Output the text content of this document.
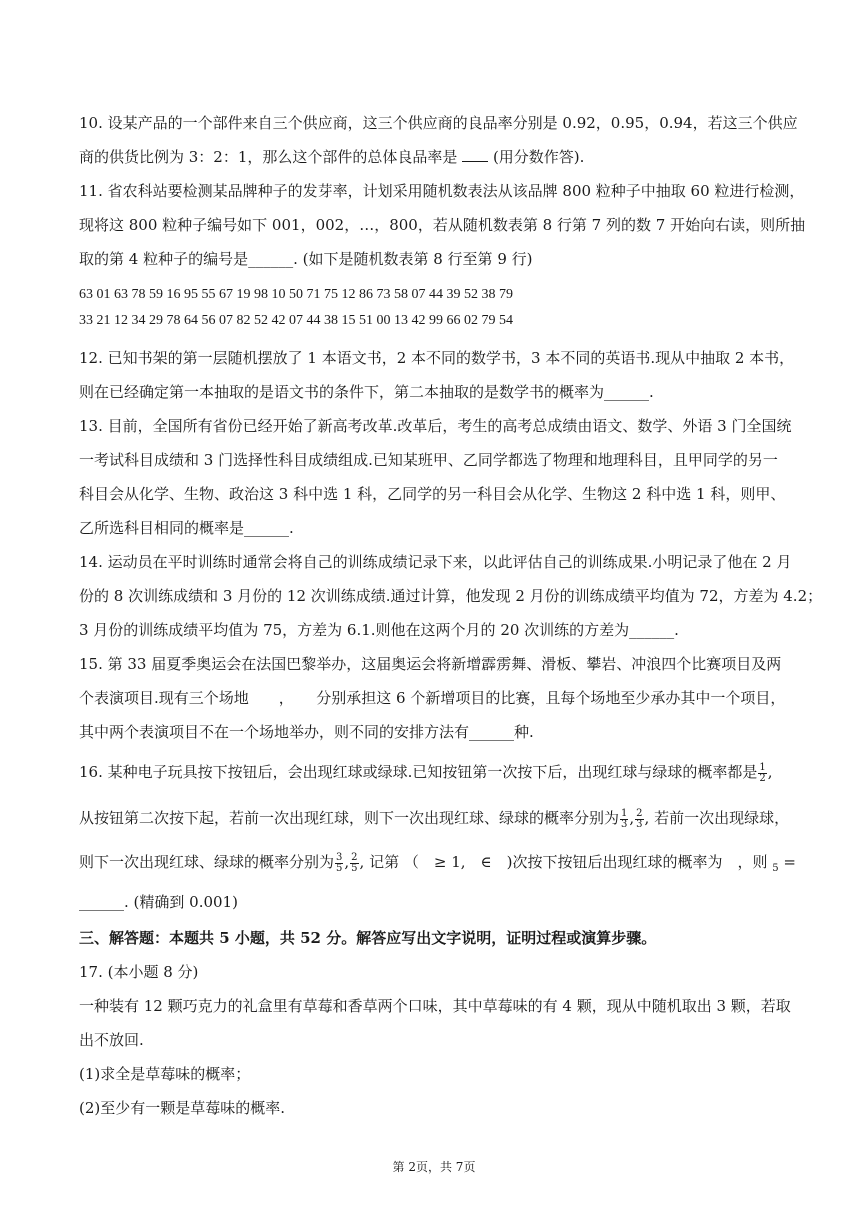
10. 设某产品的一个部件来自三个供应商，这三个供应商的良品率分别是 0.92，0.95，0.94，若这三个供应
商的供货比例为 3：2：1，那么这个部件的总体良品率是  (用分数作答).
11. 省农科站要检测某品牌种子的发芽率，计划采用随机数表法从该品牌 800 粒种子中抽取 60 粒进行检测，
现将这 800 粒种子编号如下 001，002，…，800，若从随机数表第 8 行第 7 列的数 7 开始向右读，则所抽
取的第 4 粒种子的编号是______. (如下是随机数表第 8 行至第 9 行)
63 01 63 78 59 16 95 55 67 19 98 10 50 71 75 12 86 73 58 07 44 39 52 38 79
33 21 12 34 29 78 64 56 07 82 52 42 07 44 38 15 51 00 13 42 99 66 02 79 54
12. 已知书架的第一层随机摆放了 1 本语文书，2 本不同的数学书，3 本不同的英语书.现从中抽取 2 本书，
则在已经确定第一本抽取的是语文书的条件下，第二本抽取的是数学书的概率为______.
13. 目前，全国所有省份已经开始了新高考改革.改革后，考生的高考总成绩由语文、数学、外语 3 门全国统
一考试科目成绩和 3 门选择性科目成绩组成.已知某班甲、乙同学都选了物理和地理科目，且甲同学的另一
科目会从化学、生物、政治这 3 科中选 1 科，乙同学的另一科目会从化学、生物这 2 科中选 1 科，则甲、
乙所选科目相同的概率是______.
14. 运动员在平时训练时通常会将自己的训练成绩记录下来，以此评估自己的训练成果.小明记录了他在 2 月
份的 8 次训练成绩和 3 月份的 12 次训练成绩.通过计算，他发现 2 月份的训练成绩平均值为 72，方差为 4.2；
3 月份的训练成绩平均值为 75，方差为 6.1.则他在这两个月的 20 次训练的方差为______.
15. 第 33 届夏季奥运会在法国巴黎举办，这届奥运会将新增霹雳舞、滑板、攀岩、冲浪四个比赛项目及两
个表演项目.现有三个场地　　，　　分别承担这 6 个新增项目的比赛，且每个场地至少承办其中一个项目，
其中两个表演项目不在一个场地举办，则不同的安排方法有______种.
16. 某种电子玩具按下按钮后，会出现红球或绿球.已知按钮第一次按下后，出现红球与绿球的概率都是 $\frac{1}{2}$ ,
从按钮第二次按下起，若前一次出现红球，则下一次出现红球、绿球的概率分别为 $\frac{1}{3}$ , $\frac{2}{3}$ , 若前一次出现绿球，
则下一次出现红球、绿球的概率分别为 $\frac{3}{5}$ , $\frac{2}{5}$ , 记第 （　≥ 1,　∈　)次按下按钮后出现红球的概率为　，则 $_5$ =
______. (精确到 0.001)
三、解答题：本题共 5 小题，共 52 分。解答应写出文字说明，证明过程或演算步骤。
17. (本小题 8 分)
一种装有 12 颗巧克力的礼盒里有草莓和香草两个口味，其中草莓味的有 4 颗，现从中随机取出 3 颗，若取
出不放回.
(1)求全是草莓味的概率；
(2)至少有一颗是草莓味的概率.
第 2页，共 7页
